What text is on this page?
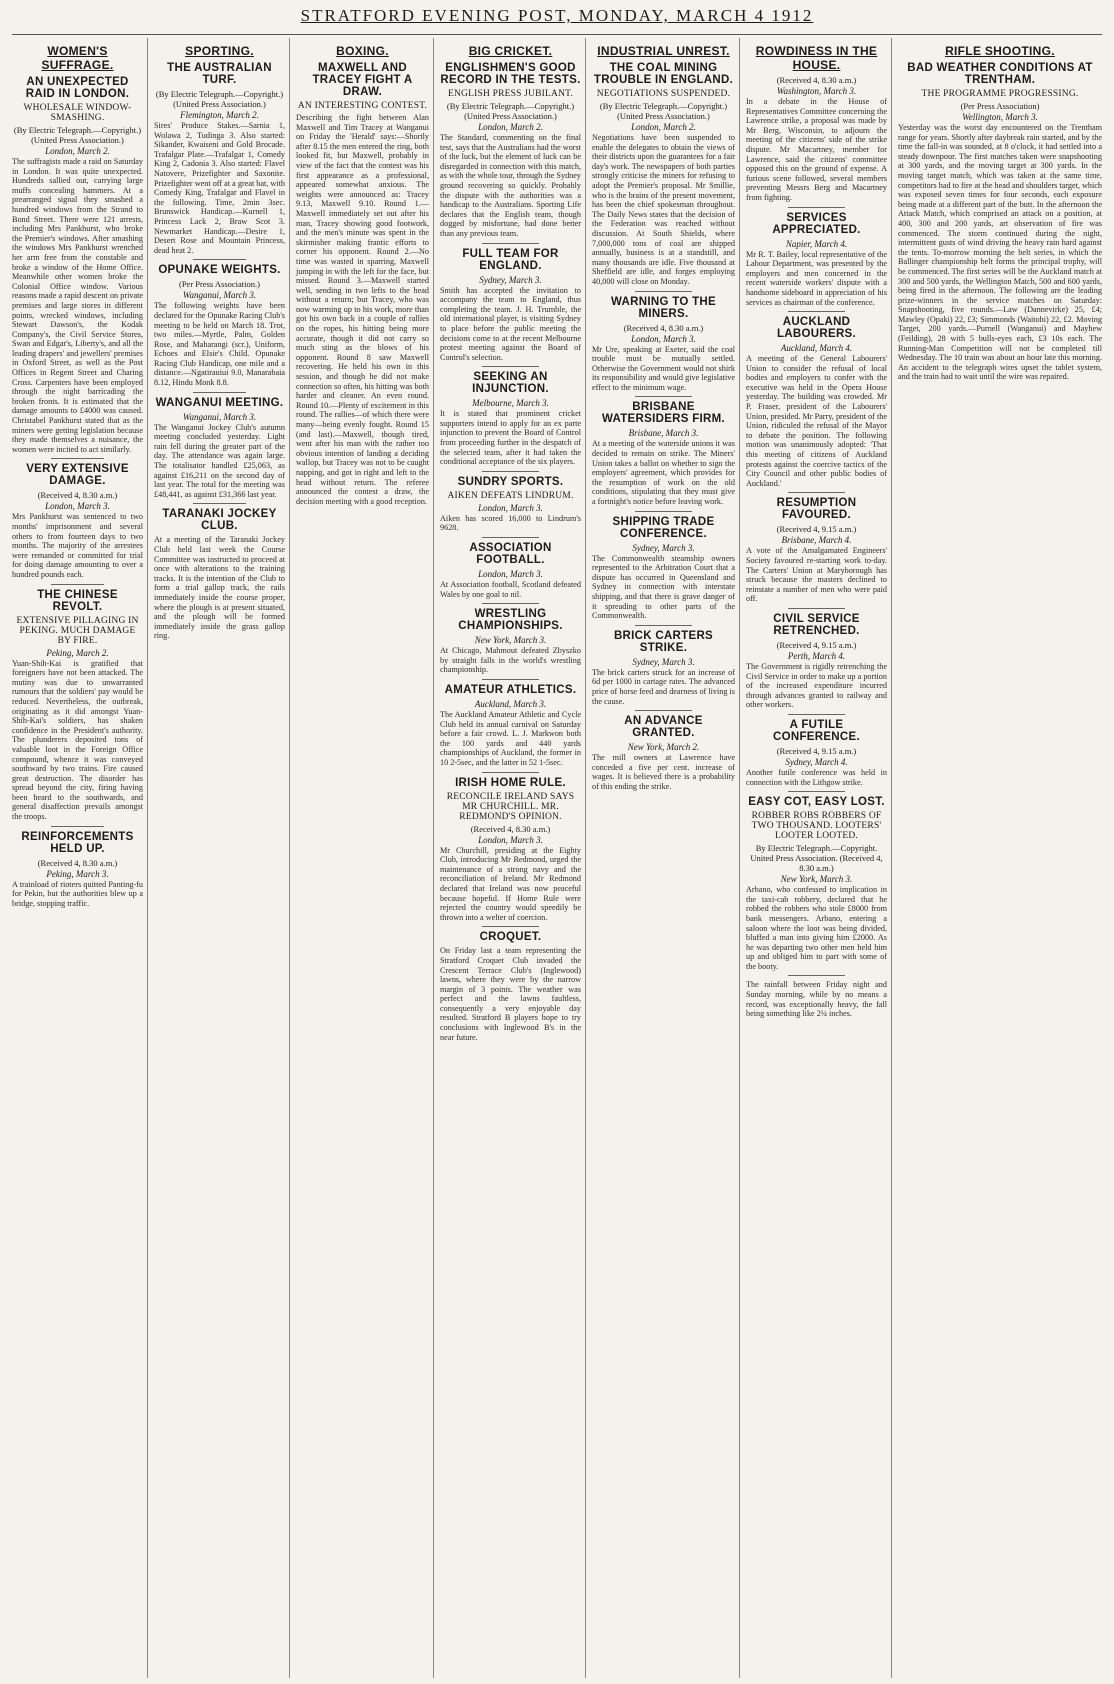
STRATFORD EVENING POST, MONDAY, MARCH 4 1912
WOMEN'S SUFFRAGE.
AN UNEXPECTED RAID IN LONDON.
WHOLESALE WINDOW-SMASHING.
(By Electric Telegraph.—Copyright.) (United Press Association.)
London, March 2.
The suffragists made a raid on Saturday in London. It was quite unexpected. Hundreds sallied out, carrying large muffs concealing hammers. At a prearranged signal they smashed a hundred windows from the Strand to Bond Street. There were 121 arrests, including Mrs Pankhurst, who broke the Premier's windows. After smashing the windows Mrs Pankhurst wrenched her arm free from the constable and broke a window of the Home Office. Meanwhile other women broke the Colonial Office window. Various reasons made a rapid descent on private premises and large stores in different points, wrecked windows, including Stewart Dawson's, the Kodak Company's, the Civil Service Stores, Swan and Edgar's, Liberty's, and all the leading drapers' and jewellers' premises in Oxford Street, as well as the Post Offices in Regent Street and Charing Cross. Carpenters have been employed through the night barricading the broken fronts. It is estimated that the damage amounts to £4000 was caused. Christabel Pankhurst stated that as the miners were getting legislation because they made themselves a nuisance, the women were incited to act similarly.
VERY EXTENSIVE DAMAGE.
(Received 4, 8.30 a.m.)
London, March 3.
Mrs Pankhurst was sentenced to two months' imprisonment and several others to from fourteen days to two months. The majority of the arrestees were remanded or committed for trial for doing damage amounting to over a hundred pounds each.
THE CHINESE REVOLT.
EXTENSIVE PILLAGING IN PEKING. MUCH DAMAGE BY FIRE.
Peking, March 2.
Yuan-Shih-Kai is gratified that foreigners have not been attacked. The mutiny was due to unwarranted rumours that the soldiers' pay would be reduced. Nevertheless, the outbreak, originating as it did amongst Yuan-Shih-Kai's soldiers, has shaken confidence in the President's authority. The plunderers deposited tons of valuable loot in the Foreign Office compound, whence it was conveyed southward by two trains. Fire caused great destruction. The disorder has spread beyond the city, firing having been heard to the southwards, and general disaffection prevails amongst the troops.
REINFORCEMENTS HELD UP.
(Received 4, 8.30 a.m.)
Peking, March 3.
A trainload of rioters quitted Panting-fu for Pekin, but the authorities blew up a bridge, stopping traffic.
SPORTING.
THE AUSTRALIAN TURF.
(By Electric Telegraph.—Copyright.) (United Press Association.)
Flemington, March 2.
Sires' Produce Stakes.—Sarnia 1, Wolawa 2, Tudinga 3. Also started: Sikander, Kwaiseni and Gold Brocade. Trafalgar Plate.—Trafalgar 1, Comedy King 2, Cadonia 3. Also started: Flavel Natovere, Prizefighter and Saxonite. Prizefighter went off at a great bat, with Comedy King, Trafalgar and Flavel in the following. Time, 2min 3sec. Brunswick Handicap.—Kurnell 1, Princess Lack 2, Braw Scot 3. Newmarket Handicap.—Desire 1, Desert Rose and Mountain Princess, dead heat 2.
OPUNAKE WEIGHTS.
(Per Press Association.)
Wanganui, March 3.
The following weights have been declared for the Opunake Racing Club's meeting to be held on March 18. Trot, two miles.—Myrtle, Palm, Golden Rose, and Maharangi (scr.), Uniform, Echoes and Elsie's Child. Opunake Racing Club Handicap, one mile and a distance.—Ngatirauiui 9.0, Manarabaia 8.12, Hindu Monk 8.8.
WANGANUI MEETING.
Wanganui, March 3.
The Wanganui Jockey Club's autumn meeting concluded yesterday. Light rain fell during the greater part of the day. The attendance was again large. The totalisator handled £25,063, as against £16,211 on the second day of last year. The total for the meeting was £48,441, as against £31,366 last year.
TARANAKI JOCKEY CLUB.
At a meeting of the Taranaki Jockey Club held last week the Course Committee was instructed to proceed at once with alterations to the training tracks. It is the intention of the Club to form a trial gallop track, the rails immediately inside the course proper, where the plough is at present situated, and the plough will be formed immediately inside the grass gallop ring.
BOXING.
MAXWELL AND TRACEY FIGHT A DRAW.
AN INTERESTING CONTEST.
Describing the fight between Alan Maxwell and Tim Tracey at Wanganui on Friday the 'Herald' says:—Shortly after 8.15 the men entered the ring, both looked fit, but Maxwell, probably in view of the fact that the contest was his first appearance as a professional, appeared somewhat anxious. The weights were announced as: Tracey 9.13, Maxwell 9.10. Round 1.—Maxwell immediately set out after his man, Tracey showing good footwork, and the men's minute was spent in the skirmisher making frantic efforts to corner his opponent. Round 2.—No time was wasted in sparring, Maxwell jumping in with the left for the face, but missed. Round 3.—Maxwell started well, sending in two lefts to the head without a return; but Tracey, who was now warming up to his work, more than got his own back in a couple of rallies on the ropes, his hitting being more accurate, though it did not carry so much sting as the blows of his opponent. Round 8 saw Maxwell recovering. He held his own in this session, and though he did not make connection so often, his hitting was both harder and cleaner. An even round. Round 10.—Plenty of excitement in this round. The rallies—of which there were many—being evenly fought. Round 15 (and last).—Maxwell, though tired, went after his man with the rather too obvious intention of landing a deciding wallop, but Tracey was not to be caught napping, and got in right and left to the head without return. The referee announced the contest a draw, the decision meeting with a good reception.
BIG CRICKET.
ENGLISHMEN'S GOOD RECORD IN THE TESTS.
ENGLISH PRESS JUBILANT.
(By Electric Telegraph.—Copyright.) (United Press Association.)
London, March 2.
The Standard, commenting on the final test, says that the Australians had the worst of the luck, but the element of luck can be disregarded in connection with this match, as with the whole tour, through the Sydney ground recovering so quickly. Probably the dispute with the authorities was a handicap to the Australians. Sporting Life declares that the English team, though dogged by misfortune, had done better than any previous team.
FULL TEAM FOR ENGLAND.
Sydney, March 3.
Smith has accepted the invitation to accompany the team to England, thus completing the team. J. H. Trumble, the old international player, is visiting Sydney to place before the public meeting the decisions come to at the recent Melbourne protest meeting against the Board of Control's selection.
SEEKING AN INJUNCTION.
Melbourne, March 3.
It is stated that prominent cricket supporters intend to apply for an ex parte injunction to prevent the Board of Control from proceeding further in the despatch of the selected team, after it had taken the conditional acceptance of the six players.
SUNDRY SPORTS.
AIKEN DEFEATS LINDRUM.
London, March 3.
Aiken has scored 16,000 to Lindrum's 9628.
ASSOCIATION FOOTBALL.
London, March 3.
At Association football, Scotland defeated Wales by one goal to nil.
WRESTLING CHAMPIONSHIPS.
New York, March 3.
At Chicago, Mahmout defeated Zbyszko by straight falls in the world's wrestling championship.
AMATEUR ATHLETICS.
Auckland, March 3.
The Auckland Amateur Athletic and Cycle Club held its annual carnival on Saturday before a fair crowd. L. J. Markwon both the 100 yards and 440 yards championships of Auckland, the former in 10 2-5sec, and the latter in 52 1-5sec.
IRISH HOME RULE.
RECONCILE IRELAND SAYS MR CHURCHILL. MR. REDMOND'S OPINION.
(Received 4, 8.30 a.m.)
London, March 3.
Mr Churchill, presiding at the Eighty Club, introducing Mr Redmond, urged the maintenance of a strong navy and the reconciliation of Ireland. Mr Redmond declared that Ireland was now peaceful because hopeful. If Home Rule were rejected the country would speedily be thrown into a welter of coercion.
CROQUET.
On Friday last a team representing the Stratford Croquet Club invaded the Crescent Terrace Club's (Inglewood) lawns, where they were by the narrow margin of 3 points. The weather was perfect and the lawns faultless, consequently a very enjoyable day resulted. Stratford B players hope to try conclusions with Inglewood B's in the near future.
INDUSTRIAL UNREST.
THE COAL MINING TROUBLE IN ENGLAND.
NEGOTIATIONS SUSPENDED.
(By Electric Telegraph.—Copyright.) (United Press Association.)
London, March 2.
Negotiations have been suspended to enable the delegates to obtain the views of their districts upon the guarantees for a fair day's work. The newspapers of both parties strongly criticise the miners for refusing to adopt the Premier's proposal. Mr Smillie, who is the brains of the present movement, has been the chief spokesman throughout. The Daily News states that the decision of the Federation was reached without discussion. At South Shields, where 7,000,000 tons of coal are shipped annually, business is at a standstill, and many thousands are idle. Five thousand at Sheffield are idle, and forges employing 40,000 will close on Monday.
WARNING TO THE MINERS.
(Received 4, 8.30 a.m.)
London, March 3.
Mr Ure, speaking at Exeter, said the coal trouble must be mutually settled. Otherwise the Government would not shirk its responsibility and would give legislative effect to the minimum wage.
BRISBANE WATERSIDERS FIRM.
Brisbane, March 3.
At a meeting of the waterside unions it was decided to remain on strike. The Miners' Union takes a ballot on whether to sign the employers' agreement, which provides for the resumption of work on the old conditions, stipulating that they must give a fortnight's notice before leaving work.
SHIPPING TRADE CONFERENCE.
Sydney, March 3.
The Commonwealth steamship owners represented to the Arbitration Court that a dispute has occurred in Queensland and Sydney in connection with interstate shipping, and that there is grave danger of it spreading to other parts of the Commonwealth.
BRICK CARTERS STRIKE.
Sydney, March 3.
The brick carters struck for an increase of 6d per 1000 in cartage rates. The advanced price of horse feed and dearness of living is the cause.
AN ADVANCE GRANTED.
New York, March 2.
The mill owners at Lawrence have conceded a five per cent. increase of wages. It is believed there is a probability of this ending the strike.
ROWDINESS IN THE HOUSE.
(Received 4, 8.30 a.m.)
Washington, March 3.
In a debate in the House of Representatives Committee concerning the Lawrence strike, a proposal was made by Mr Berg, Wisconsin, to adjourn the meeting of the citizens' side of the strike dispute. Mr Macartney, member for Lawrence, said the citizens' committee opposed this on the ground of expense. A furious scene followed, several members preventing Messrs Berg and Macartney from fighting.
SERVICES APPRECIATED.
Napier, March 4.
Mr R. T. Bailey, local representative of the Labour Department, was presented by the employers and men concerned in the recent waterside workers' dispute with a handsome sideboard in appreciation of his services as chairman of the conference.
AUCKLAND LABOURERS.
Auckland, March 4.
A meeting of the General Labourers' Union to consider the refusal of local bodies and employers to confer with the executive was held in the Opera House yesterday. The building was crowded. Mr P. Fraser, president of the Labourers' Union, presided. Mr Parry, president of the Union, ridiculed the refusal of the Mayor to debate the position. The following motion was unanimously adopted: 'That this meeting of citizens of Auckland protests against the coercive tactics of the City Council and other public bodies of Auckland.'
RESUMPTION FAVOURED.
(Received 4, 9.15 a.m.)
Brisbane, March 4.
A vote of the Amalgamated Engineers' Society favoured re-starting work to-day. The Carters' Union at Maryborough has struck because the masters declined to reinstate a number of men who were paid off.
CIVIL SERVICE RETRENCHED.
(Received 4, 9.15 a.m.)
Perth, March 4.
The Government is rigidly retrenching the Civil Service in order to make up a portion of the increased expenditure incurred through advances granted to railway and other workers.
A FUTILE CONFERENCE.
(Received 4, 9.15 a.m.)
Sydney, March 4.
Another futile conference was held in connection with the Lithgow strike.
EASY COT, EASY LOST.
ROBBER ROBS ROBBERS OF TWO THOUSAND. LOOTERS' LOOTER LOOTED.
By Electric Telegraph.—Copyright. United Press Association. (Received 4, 8.30 a.m.)
New York, March 3.
Arbano, who confessed to implication in the taxi-cab robbery, declared that he robbed the robbers who stole £8000 from bank messengers. Arbano, entering a saloon where the loot was being divided, bluffed a man into giving him £2000. As he was departing two other men held him up and obliged him to part with some of the booty.
The rainfall between Friday night and Sunday morning, while by no means a record, was exceptionally heavy, the fall being something like 2¼ inches.
RIFLE SHOOTING.
BAD WEATHER CONDITIONS AT TRENTHAM.
THE PROGRAMME PROGRESSING.
(Per Press Association)
Wellington, March 3.
Yesterday was the worst day encountered on the Trentham range for years. Shortly after daybreak rain started, and by the time the fall-in was sounded, at 8 o'clock, it had settled into a steady downpour. The first matches taken were snapshooting at 300 yards, and the moving target at 300 yards. In the moving target match, which was taken at the same time, competitors had to fire at the head and shoulders target, which was exposed seven times for four seconds, each exposure being made at a different part of the butt. In the afternoon the Attack Match, which comprised an attack on a position, at 400, 300 and 200 yards, art observation of fire was commenced. The storm continued during the night, intermittent gusts of wind driving the heavy rain hard against the tents. To-morrow morning the belt series, in which the Ballinger championship belt forms the principal trophy, will be commenced. The first series will be the Auckland match at 300 and 500 yards, the Wellington Match, 500 and 600 yards, being fired in the afternoon. The following are the leading prize-winners in the service matches on Saturday: Snapshooting, five rounds.—Law (Dannevirke) 25, £4; Mawley (Opaki) 22, £3; Simmonds (Waitohi) 22, £2. Moving Target, 200 yards.—Purnell (Wanganui) and Mayhew (Feilding), 28 with 5 bulls-eyes each, £3 10s each. The Running-Man Competition will not be completed till Wednesday. The 10 train was about an hour late this morning. An accident to the telegraph wires upset the tablet system, and the train had to wait until the wire was repaired.
